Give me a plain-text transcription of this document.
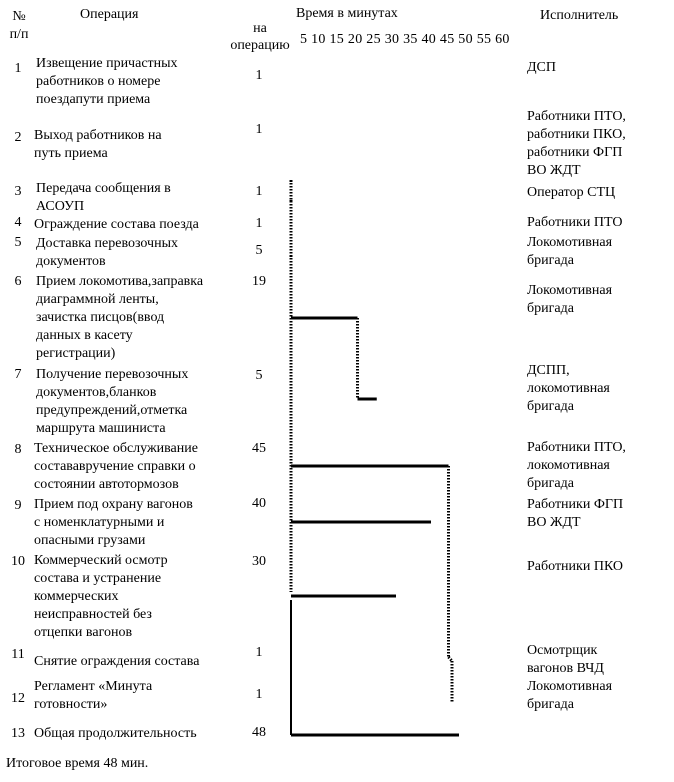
№
п/п
Операция
на
операцию
Время в минутах
5 10 15 20 25 30 35 40 45 50 55 60
Исполнитель
1
2
3
4
5
6
7
8
9
10
11
12
13
Извещение причастных
работников о номере
поездапути приема
Выход работников на
путь приема
Передача сообщения в
АСОУП
Ограждение состава поезда
Доставка перевозочных
документов
Прием локомотива,заправка
диаграммной ленты,
зачистка писцов(ввод
данных в касету
регистрации)
Получение перевозочных
документов,бланков
предупреждений,отметка
маршрута машиниста
Техническое обслуживание
состававручение справки о
состоянии автотормозов
Прием под охрану вагонов
с номенклатурными и
опасными грузами
Коммерческий осмотр
состава и устранение
коммерческих
неисправностей без
отцепки вагонов
Снятие ограждения состава
Регламент «Минута
готовности»
Общая продолжительность
1
1
1
1
5
19
5
45
40
30
1
1
48
ДСП
Работники ПТО,
работники ПКО,
работники ФГП
ВО ЖДТ
Оператор СТЦ
Работники ПТО
Локомотивная
бригада
Локомотивная
бригада
ДСПП,
локомотивная
бригада
Работники ПТО,
локомотивная
бригада
Работники ФГП
ВО ЖДТ
Работники ПКО
Осмотрщик
вагонов ВЧД
Локомотивная
бригада
Итоговое время 48 мин.
